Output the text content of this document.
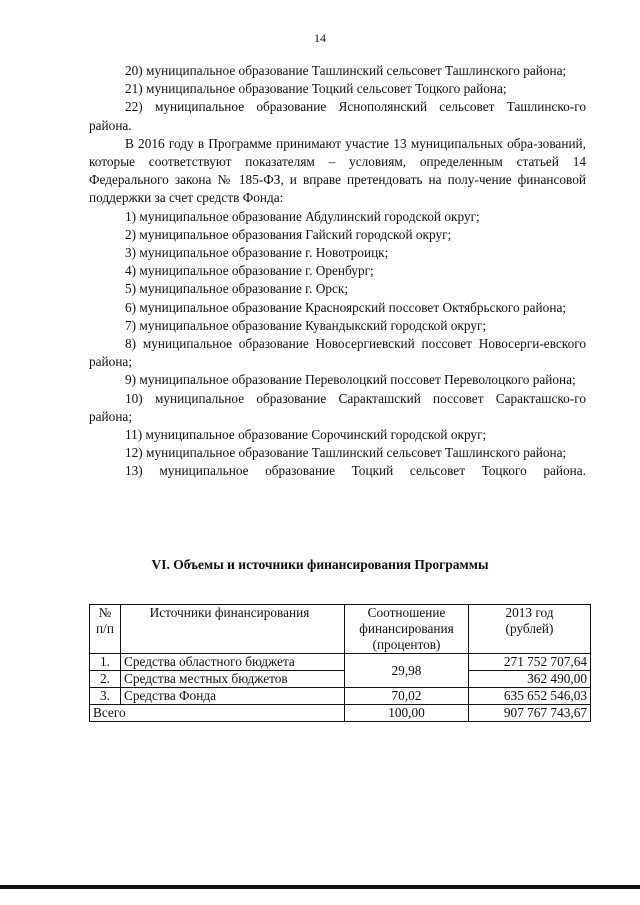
14

20) муниципальное образование Ташлинский сельсовет Ташлинского района;

21) муниципальное образование Тоцкий сельсовет Тоцкого района;

22) муниципальное образование Яснополянский сельсовет Ташлинско-го района.

В 2016 году в Программе принимают участие 13 муниципальных обра-зований, которые соответствуют показателям – условиям, определенным статьей 14 Федерального закона № 185-ФЗ, и вправе претендовать на полу-чение финансовой поддержки за счет средств Фонда:

1) муниципальное образование Абдулинский городской округ;

2) муниципальное образования Гайский городской округ;

3) муниципальное образование г. Новотроицк;

4) муниципальное образование г. Оренбург;

5) муниципальное образование г. Орск;

6) муниципальное образование Красноярский поссовет Октябрьского района;

7) муниципальное образование Кувандыкский городской округ;

8) муниципальное образование Новосергиевский поссовет Новосерги-евского района;

9) муниципальное образование Переволоцкий поссовет Переволоцкого района;

10) муниципальное образование Саракташский поссовет Саракташско-го района;

11) муниципальное образование Сорочинский городской округ;

12) муниципальное образование Ташлинский сельсовет Ташлинского района;

13) муниципальное образование Тоцкий сельсовет Тоцкого района.

VI. Объемы и источники финансирования Программы
№ п/п	Источники финансирования	Соотношение финансирования (процентов)	2013 год (рублей)
1.	Средства областного бюджета	29,98	271 752 707,64
2.	Средства местных бюджетов		362 490,00
3.	Средства Фонда	70,02	635 652 546,03
Всего		100,00	907 767 743,67
